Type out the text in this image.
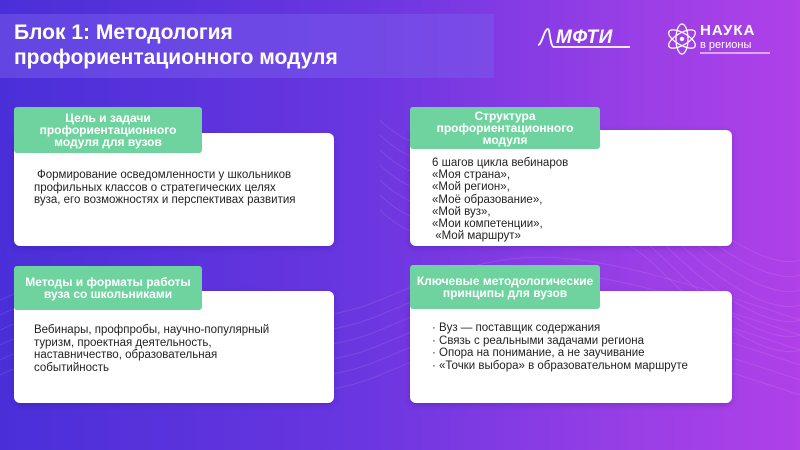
Блок 1: Методология
профориентационного модуля
МФТИ	НАУКА
в регионы
Цель и задачи профориентационного модуля для вузов
Формирование осведомленности у школьников профильных классов о стратегических целях вуза, его возможностях и перспективах развития
Структура профориентационного модуля
6 шагов цикла вебинаров
«Моя страна»,
«Мой регион»,
«Моё образование»,
«Мой вуз»,
«Мои компетенции»,
«Мой маршрут»
Методы и форматы работы вуза со школьниками
Вебинары, профпробы, научно-популярный туризм, проектная деятельность, наставничество, образовательная событийность
Ключевые методологические принципы для вузов
· Вуз — поставщик содержания
· Связь с реальными задачами региона
· Опора на понимание, а не заучивание
· «Точки выбора» в образовательном маршруте
